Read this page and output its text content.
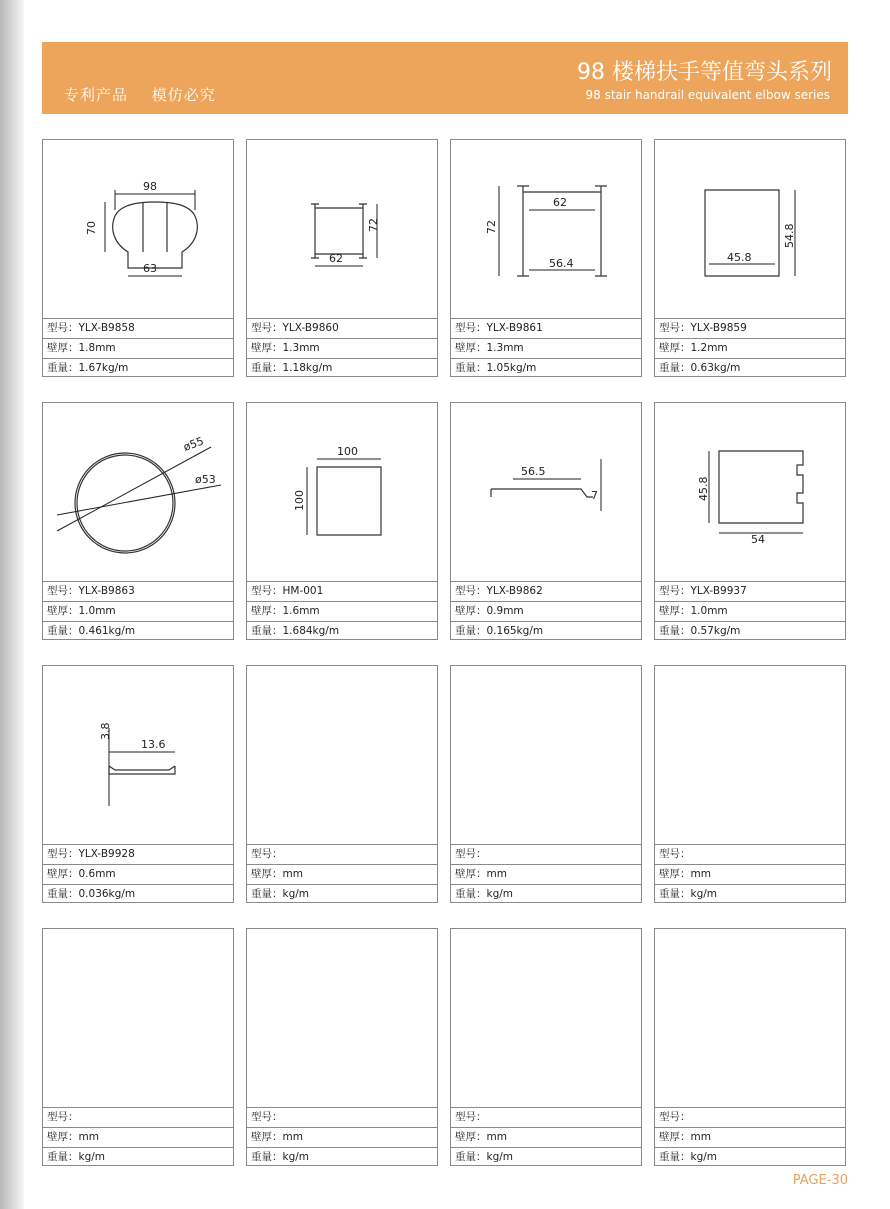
专利产品 模仿必究
98 楼梯扶手等值弯头系列
98 stair handrail equivalent elbow series
98
70
63
型号：YLX-B9858
壁厚：1.8mm
重量：1.67kg/m
72
62
型号：YLX-B9860
壁厚：1.3mm
重量：1.18kg/m
72
62
56.4
型号：YLX-B9861
壁厚：1.3mm
重量：1.05kg/m
54.8
45.8
型号：YLX-B9859
壁厚：1.2mm
重量：0.63kg/m
ø55
ø53
型号：YLX-B9863
壁厚：1.0mm
重量：0.461kg/m
100
100
型号：HM-001
壁厚：1.6mm
重量：1.684kg/m
56.5
7
型号：YLX-B9862
壁厚：0.9mm
重量：0.165kg/m
45.8
54
型号：YLX-B9937
壁厚：1.0mm
重量：0.57kg/m
13.6
3.8
型号：YLX-B9928
壁厚：0.6mm
重量：0.036kg/m
型号：
壁厚：mm
重量：kg/m
型号：
壁厚：mm
重量：kg/m
型号：
壁厚：mm
重量：kg/m
型号：
壁厚：mm
重量：kg/m
型号：
壁厚：mm
重量：kg/m
型号：
壁厚：mm
重量：kg/m
型号：
壁厚：mm
重量：kg/m
PAGE-30
